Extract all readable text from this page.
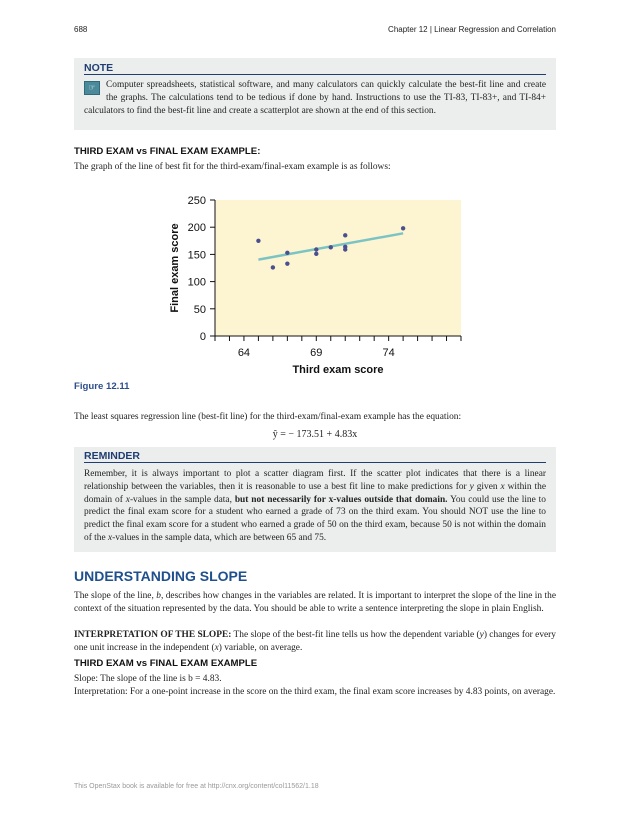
688	Chapter 12 | Linear Regression and Correlation
NOTE
☞	Computer spreadsheets, statistical software, and many calculators can quickly calculate the best-fit line and create the graphs. The calculations tend to be tedious if done by hand. Instructions to use the TI-83, TI-83+, and TI-84+ calculators to find the best-fit line and create a scatterplot are shown at the end of this section.
THIRD EXAM vs FINAL EXAM EXAMPLE:
The graph of the line of best fit for the third-exam/final-exam example is as follows:
0
50
100
150
200
250
64	69	74
Third exam score
Final exam score
Figure 12.11
The least squares regression line (best-fit line) for the third-exam/final-exam example has the equation:
ŷ = − 173.51 + 4.83x
REMINDER
Remember, it is always important to plot a scatter diagram first. If the scatter plot indicates that there is a linear relationship between the variables, then it is reasonable to use a best fit line to make predictions for y given x within the domain of x-values in the sample data, but not necessarily for x-values outside that domain. You could use the line to predict the final exam score for a student who earned a grade of 73 on the third exam. You should NOT use the line to predict the final exam score for a student who earned a grade of 50 on the third exam, because 50 is not within the domain of the x-values in the sample data, which are between 65 and 75.
UNDERSTANDING SLOPE
The slope of the line, b, describes how changes in the variables are related. It is important to interpret the slope of the line in the context of the situation represented by the data. You should be able to write a sentence interpreting the slope in plain English.
INTERPRETATION OF THE SLOPE: The slope of the best-fit line tells us how the dependent variable (y) changes for every one unit increase in the independent (x) variable, on average.
THIRD EXAM vs FINAL EXAM EXAMPLE
Slope: The slope of the line is b = 4.83.
Interpretation: For a one-point increase in the score on the third exam, the final exam score increases by 4.83 points, on average.
This OpenStax book is available for free at http://cnx.org/content/col11562/1.18
